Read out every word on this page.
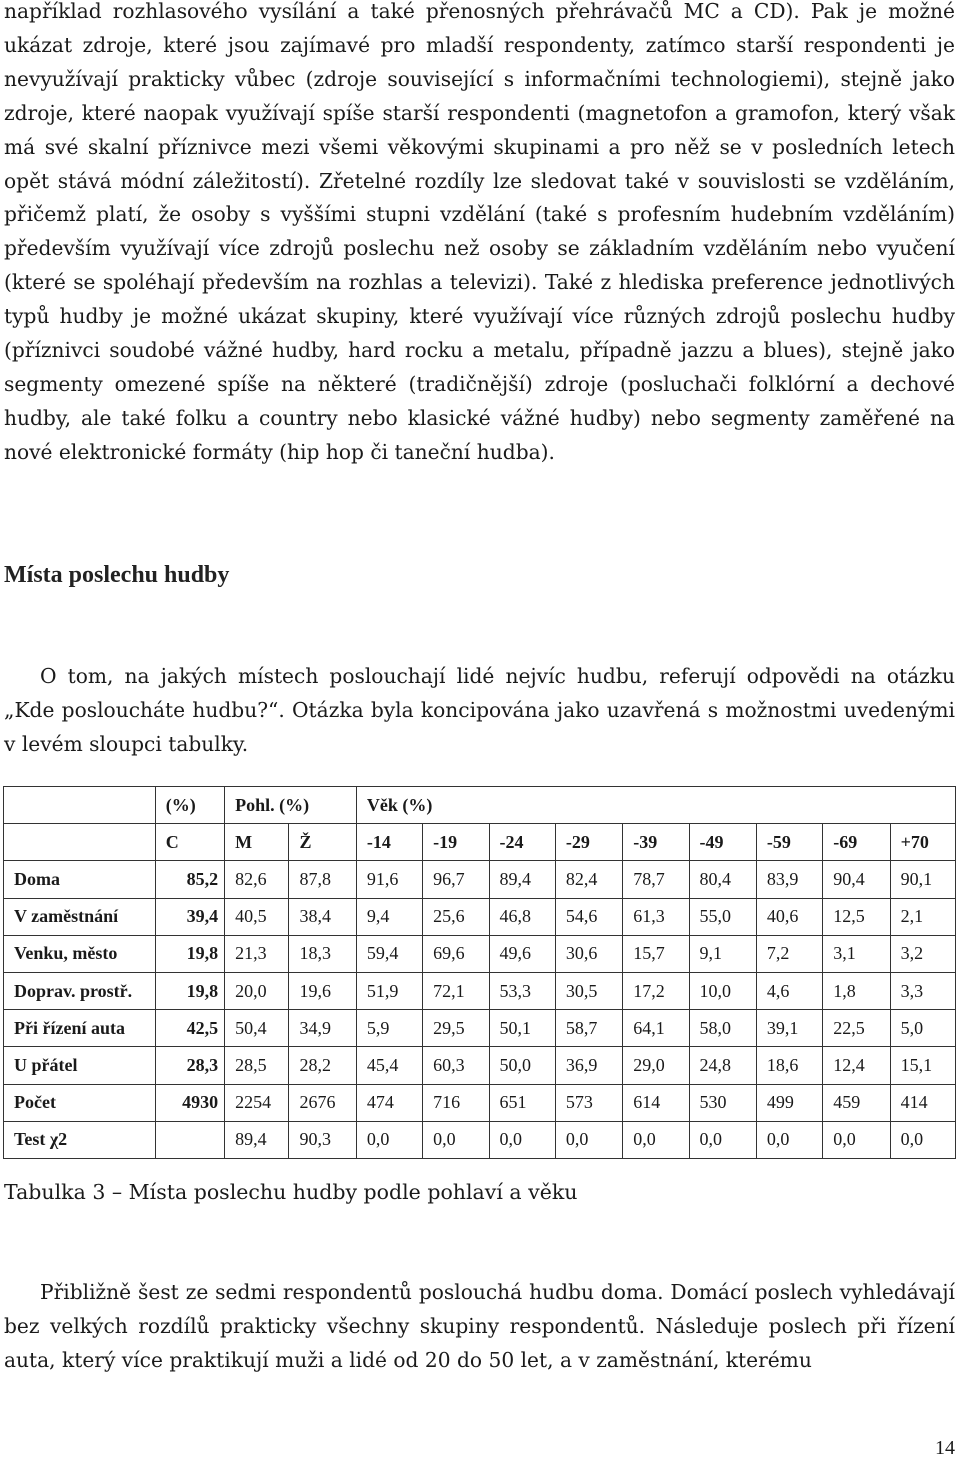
například rozhlasového vysílání a také přenosných přehrávačů MC a CD). Pak je možné ukázat zdroje, které jsou zajímavé pro mladší respondenty, zatímco starší respondenti je nevyužívají prakticky vůbec (zdroje související s informačními technologiemi), stejně jako zdroje, které naopak využívají spíše starší respondenti (magnetofon a gramofon, který však má své skalní příznivce mezi všemi věkovými skupinami a pro něž se v posledních letech opět stává módní záležitostí). Zřetelné rozdíly lze sledovat také v souvislosti se vzděláním, přičemž platí, že osoby s vyššími stupni vzdělání (také s profesním hudebním vzděláním) především využívají více zdrojů poslechu než osoby se základním vzděláním nebo vyučení (které se spoléhají především na rozhlas a televizi). Také z hlediska preference jednotlivých typů hudby je možné ukázat skupiny, které využívají více různých zdrojů poslechu hudby (příznivci soudobé vážné hudby, hard rocku a metalu, případně jazzu a blues), stejně jako segmenty omezené spíše na některé (tradičnější) zdroje (posluchači folklórní a dechové hudby, ale také folku a country nebo klasické vážné hudby) nebo segmenty zaměřené na nové elektronické formáty (hip hop či taneční hudba).

Místa poslechu hudby

O tom, na jakých místech poslouchají lidé nejvíc hudbu, referují odpovědi na otázku „Kde posloucháte hudbu?“. Otázka byla koncipována jako uzavřená s možnostmi uvedenými v levém sloupci tabulky.

	(%)	Pohl. (%)		Věk (%)								
	C	M	Ž	-14	-19	-24	-29	-39	-49	-59	-69	+70
Doma	85,2	82,6	87,8	91,6	96,7	89,4	82,4	78,7	80,4	83,9	90,4	90,1
V zaměstnání	39,4	40,5	38,4	9,4	25,6	46,8	54,6	61,3	55,0	40,6	12,5	2,1
Venku, město	19,8	21,3	18,3	59,4	69,6	49,6	30,6	15,7	9,1	7,2	3,1	3,2
Doprav. prostř.	19,8	20,0	19,6	51,9	72,1	53,3	30,5	17,2	10,0	4,6	1,8	3,3
Při řízení auta	42,5	50,4	34,9	5,9	29,5	50,1	58,7	64,1	58,0	39,1	22,5	5,0
U přátel	28,3	28,5	28,2	45,4	60,3	50,0	36,9	29,0	24,8	18,6	12,4	15,1
Počet	4930	2254	2676	474	716	651	573	614	530	499	459	414
Test χ2		89,4	90,3	0,0	0,0	0,0	0,0	0,0	0,0	0,0	0,0	0,0

Tabulka 3 – Místa poslechu hudby podle pohlaví a věku

Přibližně šest ze sedmi respondentů poslouchá hudbu doma. Domácí poslech vyhledávají bez velkých rozdílů prakticky všechny skupiny respondentů. Následuje poslech při řízení auta, který více praktikují muži a lidé od 20 do 50 let, a v zaměstnání, kterému

14
